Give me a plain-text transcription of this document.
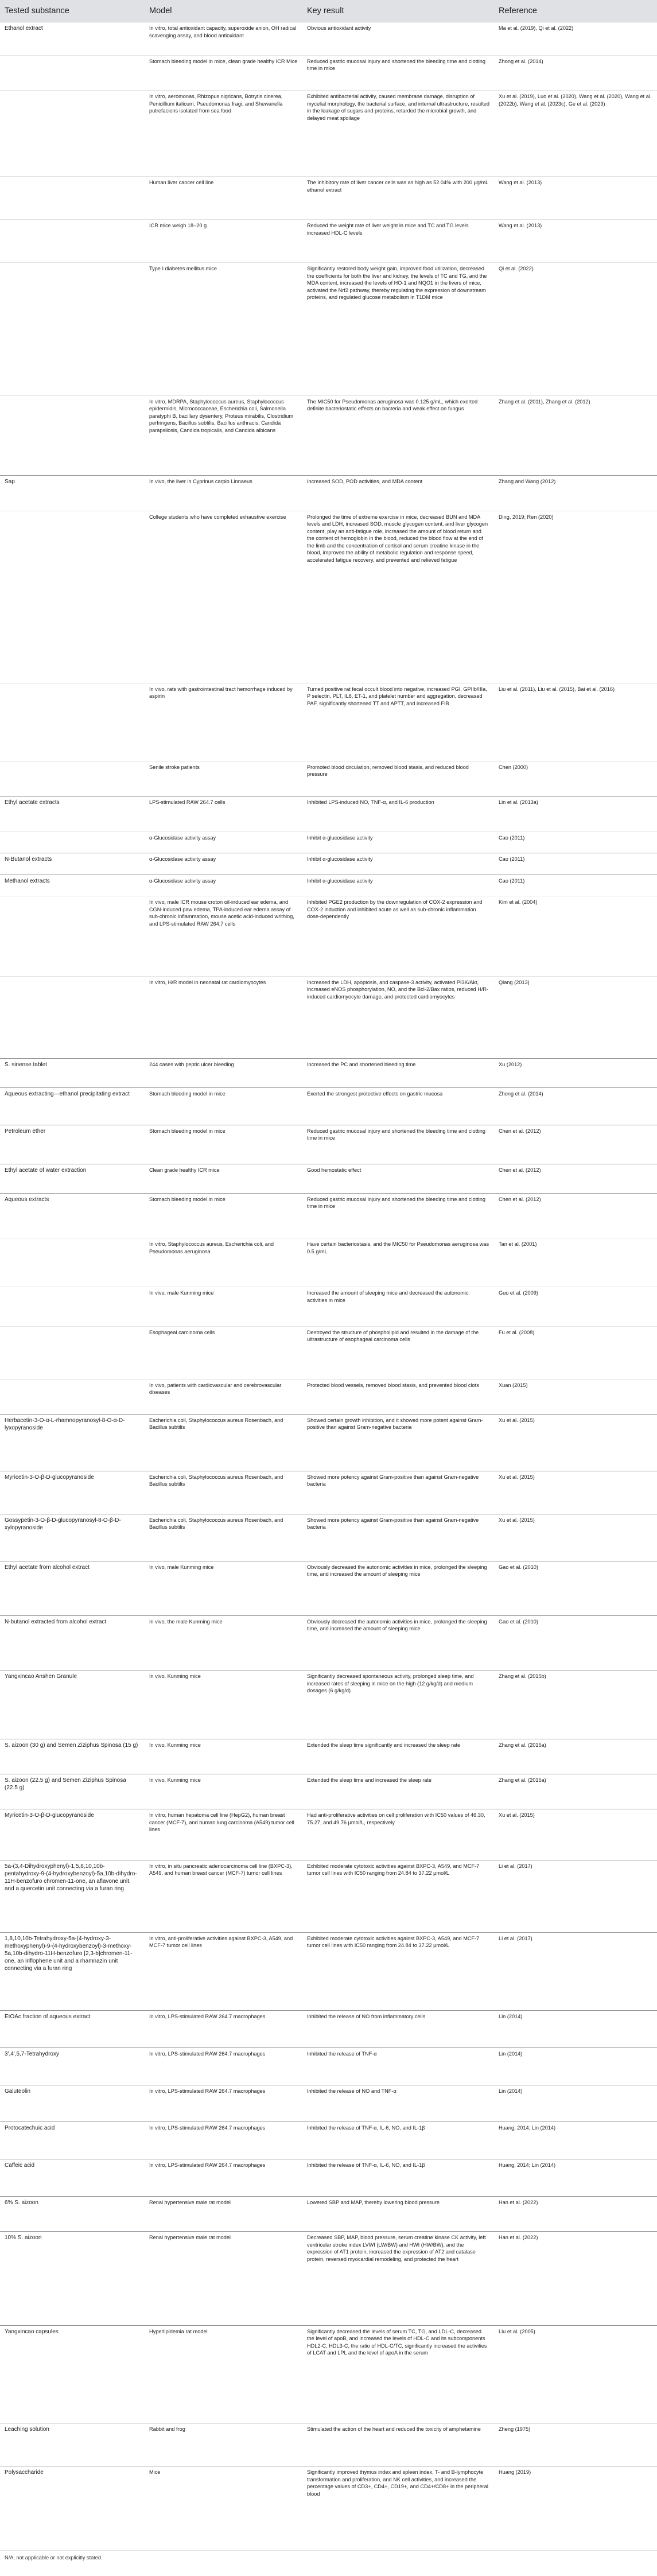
Tested substance	Model	Key result	Reference
Ethanol extract	In vitro, total antioxidant capacity, superoxide anion, OH radical scavenging assay, and blood antioxidant	Obvious antioxidant activity	Ma et al. (2019), Qi et al. (2022)
	Stomach bleeding model in mice, clean grade healthy ICR Mice	Reduced gastric mucosal injury and shortened the bleeding time and clotting time in mice	Zhong et al. (2014)
	In vitro, aeromonas, Rhizopus nigricans, Botrytis cinerea, Penicillium italicum, Pseudomonas fragi, and Shewanella putrefaciens isolated from sea food	Exhibited antibacterial activity, caused membrane damage, disruption of mycelial morphology, the bacterial surface, and internal ultrastructure, resulted in the leakage of sugars and proteins, retarded the microbial growth, and delayed meat spoilage	Xu et al. (2019), Luo et al. (2020), Wang et al. (2020), Wang et al. (2022b), Wang et al. (2023c), Ge et al. (2023)
	Human liver cancer cell line	The inhibitory rate of liver cancer cells was as high as 52.04% with 200 μg/mL ethanol extract	Wang et al. (2013)
	ICR mice weigh 18–20 g	Reduced the weight rate of liver weight in mice and TC and TG levels increased HDL-C levels	Wang et al. (2013)
	Type I diabetes mellitus mice	Significantly restored body weight gain, improved food utilization, decreased the coefficients for both the liver and kidney, the levels of TC and TG, and the MDA content, increased the levels of HO-1 and NQO1 in the livers of mice, activated the Nrf2 pathway, thereby regulating the expression of downstream proteins, and regulated glucose metabolism in T1DM mice	Qi et al. (2022)
	In vitro, MDRPA, Staphylococcus aureus, Staphylococcus epidermidis, Micrococcaceae, Escherichia coli, Salmonella paratyphi B, bacillary dysentery, Proteus mirabilis, Clostridium perfringens, Bacillus subtilis, Bacillus anthracis, Candida parapsilosis, Candida tropicalis, and Candida albicans	The MIC50 for Pseudomonas aeruginosa was 0.125 g/mL, which exerted definite bacteriostatic effects on bacteria and weak effect on fungus	Zhang et al. (2011), Zhang et al. (2012)
Sap	In vivo, the liver in Cyprinus carpio Linnaeus	Increased SOD, POD activities, and MDA content	Zhang and Wang (2012)
	College students who have completed exhaustive exercise	Prolonged the time of extreme exercise in mice, decreased BUN and MDA levels and LDH, increased SOD, muscle glycogen content, and liver glycogen content, play an anti-fatigue role, increased the amount of blood return and the content of hemoglobin in the blood, reduced the blood flow at the end of the limb and the concentration of cortisol and serum creatine kinase in the blood, improved the ability of metabolic regulation and response speed, accelerated fatigue recovery, and prevented and relieved fatigue	Ding, 2019; Ren (2020)
	In vivo, rats with gastrointestinal tract hemorrhage induced by aspirin	Turned positive rat fecal occult blood into negative, increased PGI, GPIIb/IIIa, P selectin, PLT, IL8, ET-1, and platelet number and aggregation, decreased PAF, significantly shortened TT and APTT, and increased FIB	Liu et al. (2011), Liu et al. (2015), Bai et al. (2016)
	Senile stroke patients	Promoted blood circulation, removed blood stasis, and reduced blood pressure	Chen (2000)
Ethyl acetate extracts	LPS-stimulated RAW 264.7 cells	Inhibited LPS-induced NO, TNF-α, and IL-6 production	Lin et al. (2013a)
	α-Glucosidase activity assay	Inhibit α-glucosidase activity	Cao (2011)
N-Butanol extracts	α-Glucosidase activity assay	Inhibit α-glucosidase activity	Cao (2011)
Methanol extracts	α-Glucosidase activity assay	Inhibit α-glucosidase activity	Cao (2011)
	In vivo, male ICR mouse croton oil-induced ear edema, and CGN-induced paw edema, TPA-induced ear edema assay of sub-chronic inflammation, mouse acetic acid-induced writhing, and LPS-stimulated RAW 264.7 cells	Inhibited PGE2 production by the downregulation of COX-2 expression and COX-2 induction and inhibited acute as well as sub-chronic inflammation dose-dependently	Kim et al. (2004)
	In vitro, H/R model in neonatal rat cardiomyocytes	Increased the LDH, apoptosis, and caspase-3 activity, activated PI3K/Akt, increased eNOS phosphorylation, NO, and the Bcl-2/Bax ratios, reduced H/R-induced cardiomyocyte damage, and protected cardiomyocytes	Qiang (2013)
S. sinense tablet	244 cases with peptic ulcer bleeding	Increased the PC and shortened bleeding time	Xu (2012)
Aqueous extracting—ethanol precipitating extract	Stomach bleeding model in mice	Exerted the strongest protective effects on gastric mucosa	Zhong et al. (2014)
Petroleum ether	Stomach bleeding model in mice	Reduced gastric mucosal injury and shortened the bleeding time and clotting time in mice	Chen et al. (2012)
Ethyl acetate of water extraction	Clean grade healthy ICR mice	Good hemostatic effect	Chen et al. (2012)
Aqueous extracts	Stomach bleeding model in mice	Reduced gastric mucosal injury and shortened the bleeding time and clotting time in mice	Chen et al. (2012)
	In vitro, Staphylococcus aureus, Escherichia coli, and Pseudomonas aeruginosa	Have certain bacteriostasis, and the MIC50 for Pseudomonas aeruginosa was 0.5 g/mL	Tan et al. (2001)
	In vivo, male Kunming mice	Increased the amount of sleeping mice and decreased the autonomic activities in mice	Guo et al. (2009)
	Esophageal carcinoma cells	Destroyed the structure of phospholipid and resulted in the damage of the ultrastructure of esophageal carcinoma cells	Fu et al. (2008)
	In vivo, patients with cardiovascular and cerebrovascular diseases	Protected blood vessels, removed blood stasis, and prevented blood clots	Xuan (2015)
Herbacetin-3-O-α-L-rhamnopyranosyl-8-O-α-D-lyxopyranoside	Escherichia coli, Staphylococcus aureus Rosenbach, and Bacillus subtilis	Showed certain growth inhibition, and it showed more potent against Gram-positive than against Gram-negative bacteria	Xu et al. (2015)
Myricetin-3-O-β-D-glucopyranoside	Escherichia coli, Staphylococcus aureus Rosenbach, and Bacillus subtilis	Showed more potency against Gram-positive than against Gram-negative bacteria	Xu et al. (2015)
Gossypetin-3-O-β-D-glucopyranosyl-8-O-β-D-xylopyranoside	Escherichia coli, Staphylococcus aureus Rosenbach, and Bacillus subtilis	Showed more potency against Gram-positive than against Gram-negative bacteria	Xu et al. (2015)
Ethyl acetate from alcohol extract	In vivo, male Kunming mice	Obviously decreased the autonomic activities in mice, prolonged the sleeping time, and increased the amount of sleeping mice	Gao et al. (2010)
N-butanol extracted from alcohol extract	In vivo, the male Kunming mice	Obviously decreased the autonomic activities in mice, prolonged the sleeping time, and increased the amount of sleeping mice	Gao et al. (2010)
Yangxincao Anshen Granule	In vivo, Kunming mice	Significantly decreased spontaneous activity, prolonged sleep time, and increased rates of sleeping in mice on the high (12 g/kg/d) and medium dosages (6 g/kg/d)	Zhang et al. (2015b)
S. aizoon (30 g) and Semen Ziziphus Spinosa (15 g)	In vivo, Kunming mice	Extended the sleep time significantly and increased the sleep rate	Zhang et al. (2015a)
S. aizoon (22.5 g) and Semen Ziziphus Spinosa (22.5 g)	In vivo, Kunming mice	Extended the sleep time and increased the sleep rate	Zhang et al. (2015a)
Myricetin-3-O-β-D-glucopyranoside	In vitro, human hepatoma cell line (HepG2), human breast cancer (MCF-7), and human lung carcinoma (A549) tumor cell lines	Had anti-proliferative activities on cell proliferation with IC50 values of 46.30, 75.27, and 49.76 μmol/L, respectively	Xu et al. (2015)
5a-(3,4-Dihydroxyphenyl)-1,5,8,10,10b-pentahydroxy-9-(4-hydroxybenzoyl)-5a,10b-dihydro-11H-benzofuro chromen-11-one, an aflavone unit, and a quercetin unit connecting via a furan ring	In vitro, in situ pancreatic adenocarcinoma cell line (BXPC-3), A549, and human breast cancer (MCF-7) tumor cell lines	Exhibited moderate cytotoxic activities against BXPC-3, A549, and MCF-7 tumor cell lines with IC50 ranging from 24.84 to 37.22 μmol/L	Li et al. (2017)
1,8,10,10b-Tetrahydroxy-5a-(4-hydroxy-3-methoxyphenyl)-9-(4-hydroxybenzoyl)-3-methoxy-5a,10b-dihydro-11H-benzofuro [2,3-b]chromen-11-one, an iriflophene unit and a rhamnazin unit connecting via a furan ring	In vitro, anti-proliferative activities against BXPC-3, A549, and MCF-7 tumor cell lines	Exhibited moderate cytotoxic activities against BXPC-3, A549, and MCF-7 tumor cell lines with IC50 ranging from 24.84 to 37.22 μmol/L	Li et al. (2017)
EtOAc fraction of aqueous extract	In vitro, LPS-stimulated RAW 264.7 macrophages	Inhibited the release of NO from inflammatory cells	Lin (2014)
3',4',5,7-Tetrahydroxy	In vitro, LPS-stimulated RAW 264.7 macrophages	Inhibited the release of TNF-α	Lin (2014)
Galuteolin	In vitro, LPS-stimulated RAW 264.7 macrophages	Inhibited the release of NO and TNF-α	Lin (2014)
Protocatechuic acid	In vitro, LPS-stimulated RAW 264.7 macrophages	Inhibited the release of TNF-α, IL-6, NO, and IL-1β	Huang, 2014; Lin (2014)
Caffeic acid	In vitro, LPS-stimulated RAW 264.7 macrophages	Inhibited the release of TNF-α, IL-6, NO, and IL-1β	Huang, 2014; Lin (2014)
6% S. aizoon	Renal hypertensive male rat model	Lowered SBP and MAP, thereby lowering blood pressure	Han et al. (2022)
10% S. aizoon	Renal hypertensive male rat model	Decreased SBP, MAP, blood pressure, serum creatine kinase CK activity, left ventricular stroke index LVWI (LW/BW) and HWI (HW/BW), and the expression of AT1 protein, increased the expression of AT2 and catalase protein, reversed myocardial remodeling, and protected the heart	Han et al. (2022)
Yangxincao capsules	Hyperlipidemia rat model	Significantly decreased the levels of serum TC, TG, and LDL-C, decreased the level of apoB, and increased the levels of HDL-C and its subcomponents HDL2-C, HDL3-C, the ratio of HDL-C/TC, significantly increased the activities of LCAT and LPL and the level of apoA in the serum	Liu et al. (2005)
Leaching solution	Rabbit and frog	Stimulated the action of the heart and reduced the toxicity of amphetamine	Zheng (1975)
Polysaccharide	Mice	Significantly improved thymus index and spleen index, T- and B-lymphocyte transformation and proliferation, and NK cell activities, and increased the percentage values of CD3+, CD4+, CD19+, and CD4+/CD8+ in the peripheral blood	Huang (2019)
N/A, not applicable or not explicitly stated.
